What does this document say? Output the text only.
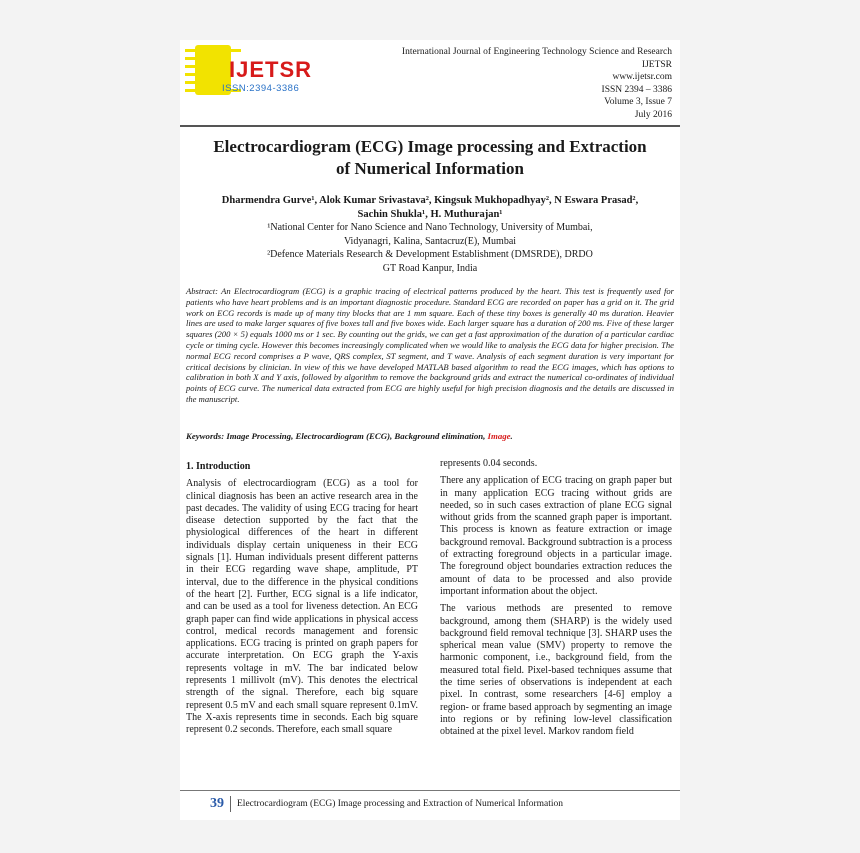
IJETSR
ISSN:2394-3386
International Journal of Engineering Technology Science and Research
IJETSR
www.ijetsr.com
ISSN 2394 – 3386
Volume 3, Issue 7
July 2016
Electrocardiogram (ECG) Image processing and Extraction of Numerical Information
Dharmendra Gurve¹, Alok Kumar Srivastava², Kingsuk Mukhopadhyay², N Eswara Prasad²,
Sachin Shukla¹, H. Muthurajan¹
¹National Center for Nano Science and Nano Technology, University of Mumbai,
Vidyanagri, Kalina, Santacruz(E), Mumbai
²Defence Materials Research & Development Establishment (DMSRDE), DRDO
GT Road Kanpur, India
Abstract: An Electrocardiogram (ECG) is a graphic tracing of electrical patterns produced by the heart. This test is frequently used for patients who have heart problems and is an important diagnostic procedure. Standard ECG are recorded on paper has a grid on it. The grid work on ECG records is made up of many tiny blocks that are 1 mm square. Each of these tiny boxes is generally 40 ms duration. Heavier lines are used to make larger squares of five boxes tall and five boxes wide. Each larger square has a duration of 200 ms. Five of these larger squares (200 × 5) equals 1000 ms or 1 sec. By counting out the grids, we can get a fast approximation of the duration of a particular cardiac cycle or timing cycle. However this becomes increasingly complicated when we would like to analysis the ECG data for higher precision. The normal ECG record comprises a P wave, QRS complex, ST segment, and T wave. Analysis of each segment duration is very important for critical decisions by clinician. In view of this we have developed MATLAB based algorithm to read the ECG images, which has options to calibration in both X and Y axis, followed by algorithm to remove the background grids and extract the numerical co-ordinates of individual points of ECG curve. The numerical data extracted from ECG are highly useful for high precision diagnosis and the details are discussed in the manuscript.
Keywords: Image Processing, Electrocardiogram (ECG), Background elimination, Image.
1. Introduction

Analysis of electrocardiogram (ECG) as a tool for clinical diagnosis has been an active research area in the past decades. The validity of using ECG tracing for heart disease detection supported by the fact that the physiological differences of the heart in different individuals display certain uniqueness in their ECG signals [1]. Human individuals present different patterns in their ECG regarding wave shape, amplitude, PT interval, due to the difference in the physical conditions of the heart [2]. Further, ECG signal is a life indicator, and can be used as a tool for liveness detection. An ECG graph paper can find wide applications in physical access control, medical records management and forensic applications. ECG tracing is printed on graph papers for accurate interpretation. On ECG graph the Y-axis represents voltage in mV. The bar indicated below represents 1 millivolt (mV). This denotes the electrical strength of the signal. Therefore, each big square represent 0.5 mV and each small square represent 0.1mV. The X-axis represents time in seconds. Each big square represent 0.2 seconds. Therefore, each small square

represents 0.04 seconds.

There any application of ECG tracing on graph paper but in many application ECG tracing without grids are needed, so in such cases extraction of plane ECG signal without grids from the scanned graph paper is important. This process is known as feature extraction or image background removal. Background subtraction is a process of extracting foreground objects in a particular image. The foreground object boundaries extraction reduces the amount of data to be processed and also provide important information about the object.

The various methods are presented to remove background, among them (SHARP) is the widely used background field removal technique [3]. SHARP uses the spherical mean value (SMV) property to remove the harmonic component, i.e., background field, from the measured total field. Pixel-based techniques assume that the time series of observations is independent at each pixel. In contrast, some researchers [4-6] employ a region- or frame based approach by segmenting an image into regions or by refining low-level classification obtained at the pixel level. Markov random field

39	Electrocardiogram (ECG) Image processing and Extraction of Numerical Information
